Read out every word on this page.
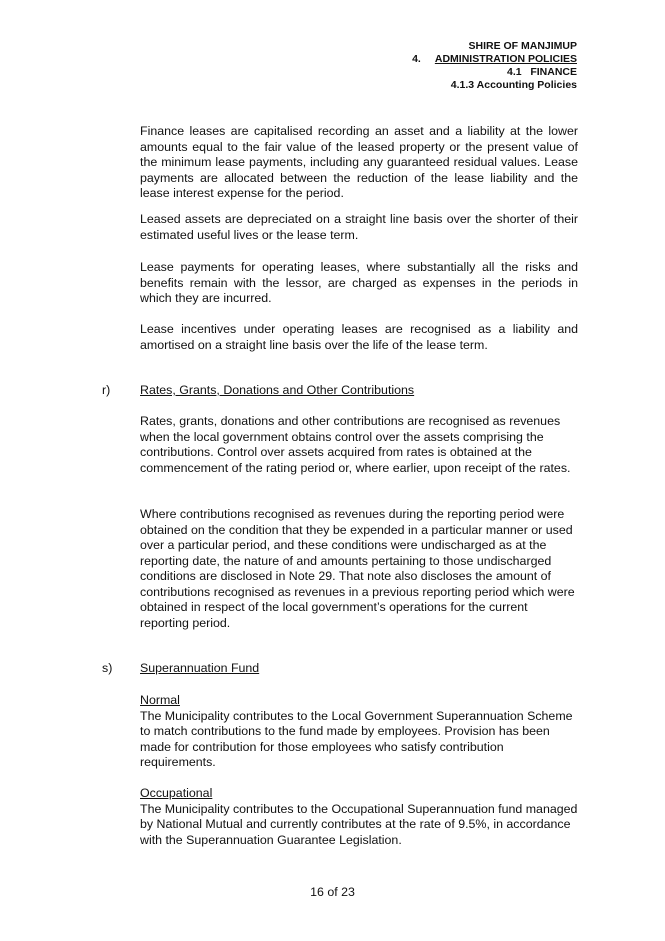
SHIRE OF MANJIMUP
4. ADMINISTRATION POLICIES
4.1   FINANCE
4.1.3 Accounting Policies

Finance leases are capitalised recording an asset and a liability at the lower amounts equal to the fair value of the leased property or the present value of the minimum lease payments, including any guaranteed residual values. Lease payments are allocated between the reduction of the lease liability and the lease interest expense for the period.

Leased assets are depreciated on a straight line basis over the shorter of their estimated useful lives or the lease term.

Lease payments for operating leases, where substantially all the risks and benefits remain with the lessor, are charged as expenses in the periods in which they are incurred.

Lease incentives under operating leases are recognised as a liability and amortised on a straight line basis over the life of the lease term.

r) Rates, Grants, Donations and Other Contributions

Rates, grants, donations and other contributions are recognised as revenues when the local government obtains control over the assets comprising the contributions. Control over assets acquired from rates is obtained at the commencement of the rating period or, where earlier, upon receipt of the rates.

Where contributions recognised as revenues during the reporting period were obtained on the condition that they be expended in a particular manner or used over a particular period, and these conditions were undischarged as at the reporting date, the nature of and amounts pertaining to those undischarged conditions are disclosed in Note 29. That note also discloses the amount of contributions recognised as revenues in a previous reporting period which were obtained in respect of the local government’s operations for the current reporting period.

s) Superannuation Fund
Normal
The Municipality contributes to the Local Government Superannuation Scheme to match contributions to the fund made by employees. Provision has been made for contribution for those employees who satisfy contribution requirements.
Occupational
The Municipality contributes to the Occupational Superannuation fund managed by National Mutual and currently contributes at the rate of 9.5%, in accordance with the Superannuation Guarantee Legislation.
16 of 23
